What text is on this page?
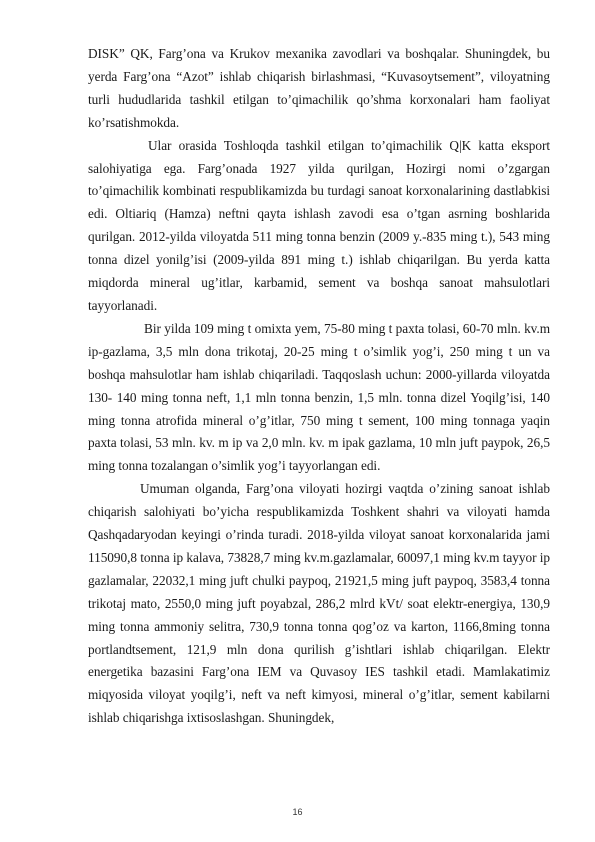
DISK” QK, Farg’ona va Krukov mexanika zavodlari va boshqalar. Shuningdek, bu yerda Farg’ona “Azot” ishlab chiqarish birlashmasi, “Kuvasoytsement”, viloyatning turli hududlarida tashkil etilgan to’qimachilik qo’shma korxonalari ham faoliyat ko’rsatishmokda.

Ular orasida Toshloqda tashkil etilgan to’qimachilik Q|K katta eksport salohiyatiga ega. Farg’onada 1927 yilda qurilgan, Hozirgi nomi o’zgargan to’qimachilik kombinati respublikamizda bu turdagi sanoat korxonalarining dastlabkisi edi. Oltiariq (Hamza) neftni qayta ishlash zavodi esa o’tgan asrning boshlarida qurilgan. 2012-yilda viloyatda 511 ming tonna benzin (2009 y.-835 ming t.), 543 ming tonna dizel yonilg’isi (2009-yilda 891 ming t.) ishlab chiqarilgan. Bu yerda katta miqdorda mineral ug’itlar, karbamid, sement va boshqa sanoat mahsulotlari tayyorlanadi.

Bir yilda 109 ming t omixta yem, 75-80 ming t paxta tolasi, 60-70 mln. kv.m ip-gazlama, 3,5 mln dona trikotaj, 20-25 ming t o’simlik yog’i, 250 ming t un va boshqa mahsulotlar ham ishlab chiqariladi. Taqqoslash uchun: 2000-yillarda viloyatda 130- 140 ming tonna neft, 1,1 mln tonna benzin, 1,5 mln. tonna dizel Yoqilg’isi, 140 ming tonna atrofida mineral o’g’itlar, 750 ming t sement, 100 ming tonnaga yaqin paxta tolasi, 53 mln. kv. m ip va 2,0 mln. kv. m ipak gazlama, 10 mln juft paypok, 26,5 ming tonna tozalangan o’simlik yog’i tayyorlangan edi.

Umuman olganda, Farg’ona viloyati hozirgi vaqtda o’zining sanoat ishlab chiqarish salohiyati bo’yicha respublikamizda Toshkent shahri va viloyati hamda Qashqadaryodan keyingi o’rinda turadi. 2018-yilda viloyat sanoat korxonalarida jami 115090,8 tonna ip kalava, 73828,7 ming kv.m.gazlamalar, 60097,1 ming kv.m tayyor ip gazlamalar, 22032,1 ming juft chulki paypoq, 21921,5 ming juft paypoq, 3583,4 tonna trikotaj mato, 2550,0 ming juft poyabzal, 286,2 mlrd kVt/ soat elektr-energiya, 130,9 ming tonna ammoniy selitra, 730,9 tonna tonna qog’oz va karton, 1166,8ming tonna portlandtsement, 121,9 mln dona qurilish g’ishtlari ishlab chiqarilgan. Elektr energetika bazasini Farg’ona IEM va Quvasoy IES tashkil etadi. Mamlakatimiz miqyosida viloyat yoqilg’i, neft va neft kimyosi, mineral o’g’itlar, sement kabilarni ishlab chiqarishga ixtisoslashgan. Shuningdek,

16
